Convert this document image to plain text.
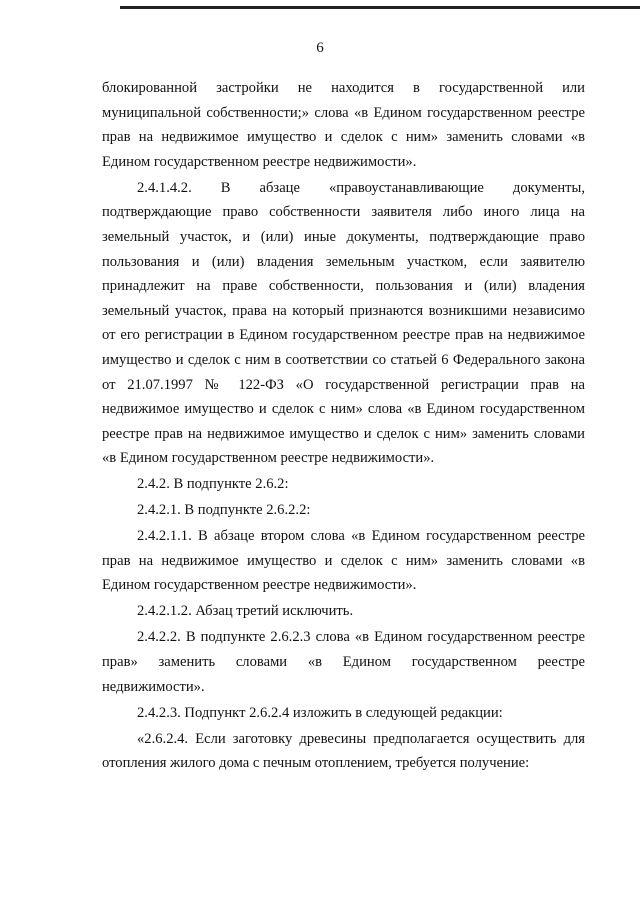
6

блокированной застройки не находится в государственной или муниципальной собственности;» слова «в Едином государственном реестре прав на недвижимое имущество и сделок с ним» заменить словами «в Едином государственном реестре недвижимости».

2.4.1.4.2. В абзаце «правоустанавливающие документы, подтверждающие право собственности заявителя либо иного лица на земельный участок, и (или) иные документы, подтверждающие право пользования и (или) владения земельным участком, если заявителю принадлежит на праве собственности, пользования и (или) владения земельный участок, права на который признаются возникшими независимо от его регистрации в Едином государственном реестре прав на недвижимое имущество и сделок с ним в соответствии со статьей 6 Федерального закона от 21.07.1997 № 122-ФЗ «О государственной регистрации прав на недвижимое имущество и сделок с ним» слова «в Едином государственном реестре прав на недвижимое имущество и сделок с ним» заменить словами «в Едином государственном реестре недвижимости».

2.4.2. В подпункте 2.6.2:

2.4.2.1. В подпункте 2.6.2.2:

2.4.2.1.1. В абзаце втором слова «в Едином государственном реестре прав на недвижимое имущество и сделок с ним» заменить словами «в Едином государственном реестре недвижимости».

2.4.2.1.2. Абзац третий исключить.

2.4.2.2. В подпункте 2.6.2.3 слова «в Едином государственном реестре прав» заменить словами «в Едином государственном реестре недвижимости».

2.4.2.3. Подпункт 2.6.2.4 изложить в следующей редакции:

«2.6.2.4. Если заготовку древесины предполагается осуществить для отопления жилого дома с печным отоплением, требуется получение:
